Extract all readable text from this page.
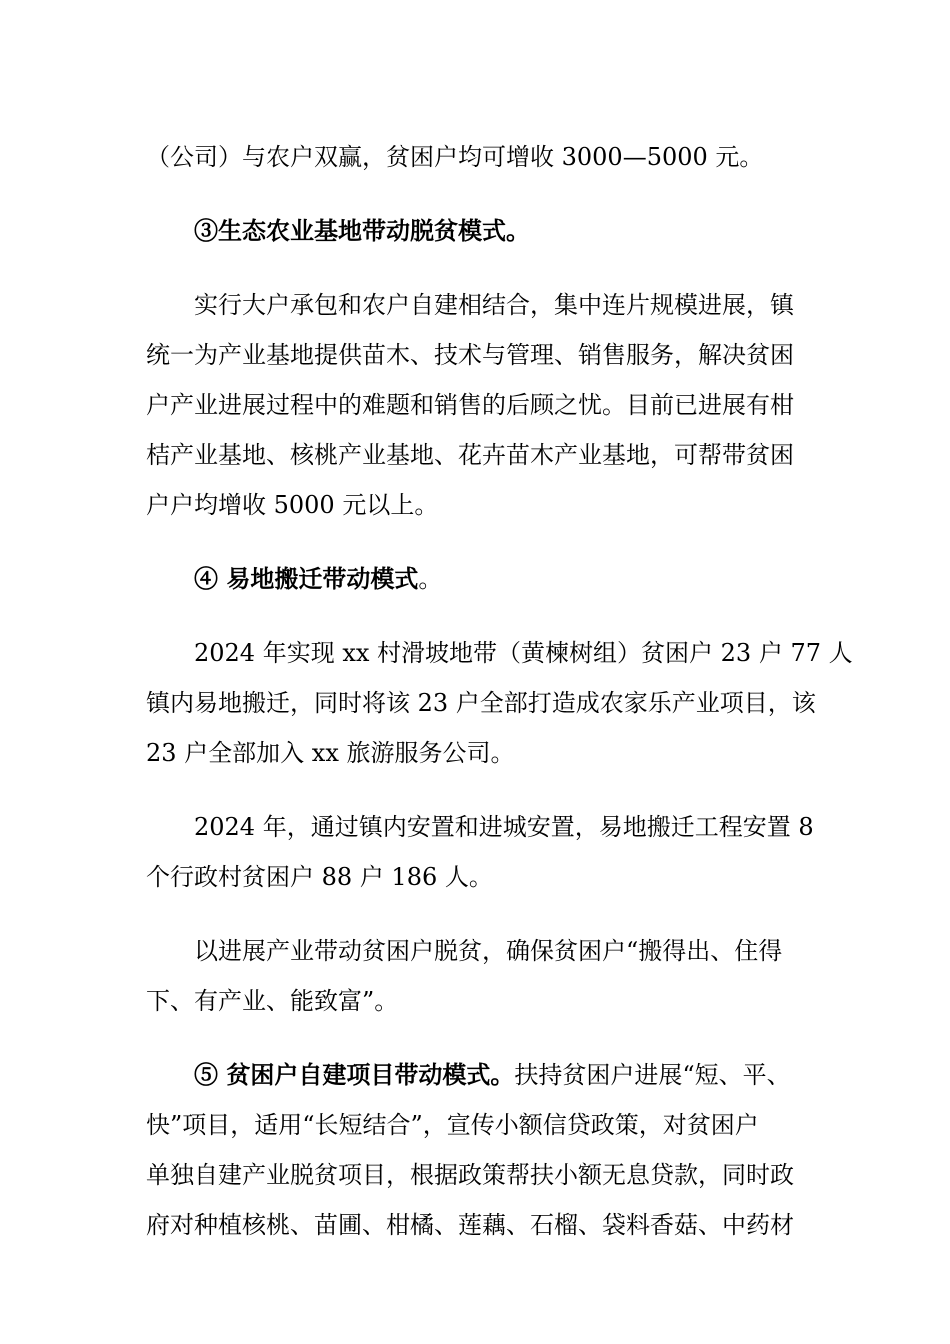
（公司）与农户双赢，贫困户均可增收 3000—5000 元。
③生态农业基地带动脱贫模式。
实行大户承包和农户自建相结合，集中连片规模进展，镇
统一为产业基地提供苗木、技术与管理、销售服务，解决贫困
户产业进展过程中的难题和销售的后顾之忧。目前已进展有柑
桔产业基地、核桃产业基地、花卉苗木产业基地，可帮带贫困
户户均增收 5000 元以上。
④ 易地搬迁带动模式。
2024 年实现 xx 村滑坡地带（黄楝树组）贫困户 23 户 77 人
镇内易地搬迁，同时将该 23 户全部打造成农家乐产业项目，该
23 户全部加入 xx 旅游服务公司。
2024 年，通过镇内安置和进城安置，易地搬迁工程安置 8
个行政村贫困户 88 户 186 人。
以进展产业带动贫困户脱贫，确保贫困户“搬得出、住得
下、有产业、能致富”。
⑤ 贫困户自建项目带动模式。扶持贫困户进展“短、平、
快”项目，适用“长短结合”，宣传小额信贷政策，对贫困户
单独自建产业脱贫项目，根据政策帮扶小额无息贷款，同时政
府对种植核桃、苗圃、柑橘、莲藕、石榴、袋料香菇、中药材
